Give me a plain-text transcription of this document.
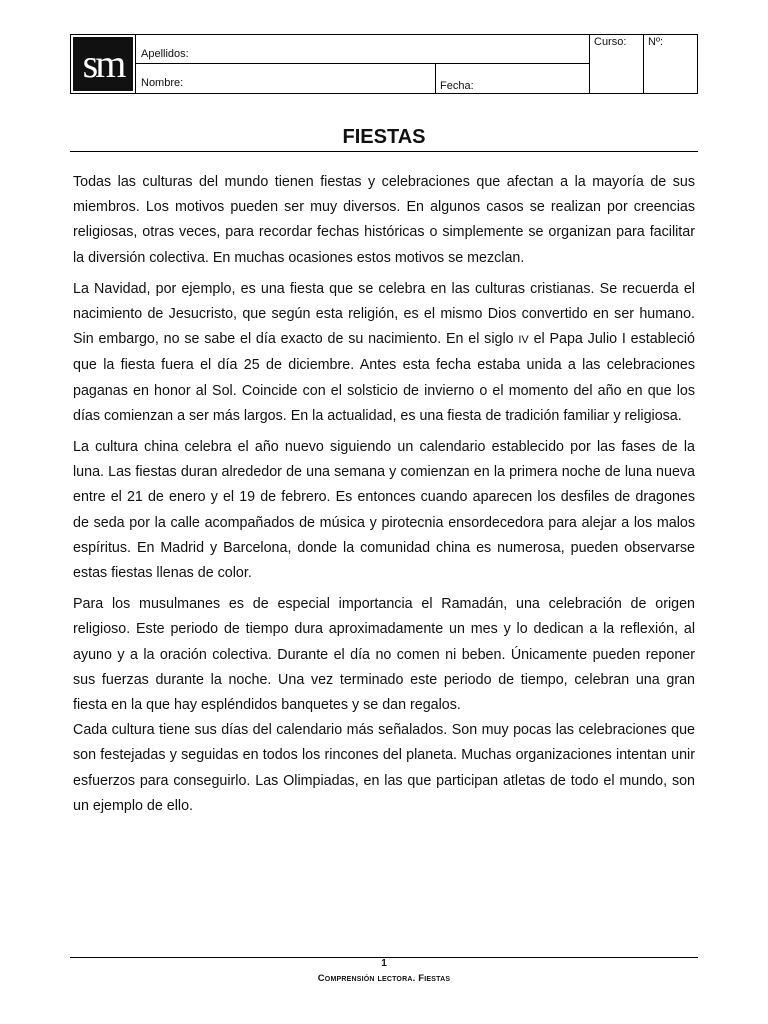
sm	Apellidos:
Nombre:	Fecha:
Curso: Nº:
FIESTAS

Todas las culturas del mundo tienen fiestas y celebraciones que afectan a la mayoría de sus miembros. Los motivos pueden ser muy diversos. En algunos casos se realizan por creencias religiosas, otras veces, para recordar fechas históricas o simplemente se organizan para facilitar la diversión colectiva. En muchas ocasiones estos motivos se mezclan.

La Navidad, por ejemplo, es una fiesta que se celebra en las culturas cristianas. Se recuerda el nacimiento de Jesucristo, que según esta religión, es el mismo Dios convertido en ser humano. Sin embargo, no se sabe el día exacto de su nacimiento. En el siglo IV el Papa Julio I estableció que la fiesta fuera el día 25 de diciembre. Antes esta fecha estaba unida a las celebraciones paganas en honor al Sol. Coincide con el solsticio de invierno o el momento del año en que los días comienzan a ser más largos. En la actualidad, es una fiesta de tradición familiar y religiosa.

La cultura china celebra el año nuevo siguiendo un calendario establecido por las fases de la luna. Las fiestas duran alrededor de una semana y comienzan en la primera noche de luna nueva entre el 21 de enero y el 19 de febrero. Es entonces cuando aparecen los desfiles de dragones de seda por la calle acompañados de música y pirotecnia ensordecedora para alejar a los malos espíritus. En Madrid y Barcelona, donde la comunidad china es numerosa, pueden observarse estas fiestas llenas de color.

Para los musulmanes es de especial importancia el Ramadán, una celebración de origen religioso. Este periodo de tiempo dura aproximadamente un mes y lo dedican a la reflexión, al ayuno y a la oración colectiva. Durante el día no comen ni beben. Únicamente pueden reponer sus fuerzas durante la noche. Una vez terminado este periodo de tiempo, celebran una gran fiesta en la que hay espléndidos banquetes y se dan regalos.

Cada cultura tiene sus días del calendario más señalados. Son muy pocas las celebraciones que son festejadas y seguidas en todos los rincones del planeta. Muchas organizaciones intentan unir esfuerzos para conseguirlo. Las Olimpiadas, en las que participan atletas de todo el mundo, son un ejemplo de ello.

1
Comprensión lectora. Fiestas
